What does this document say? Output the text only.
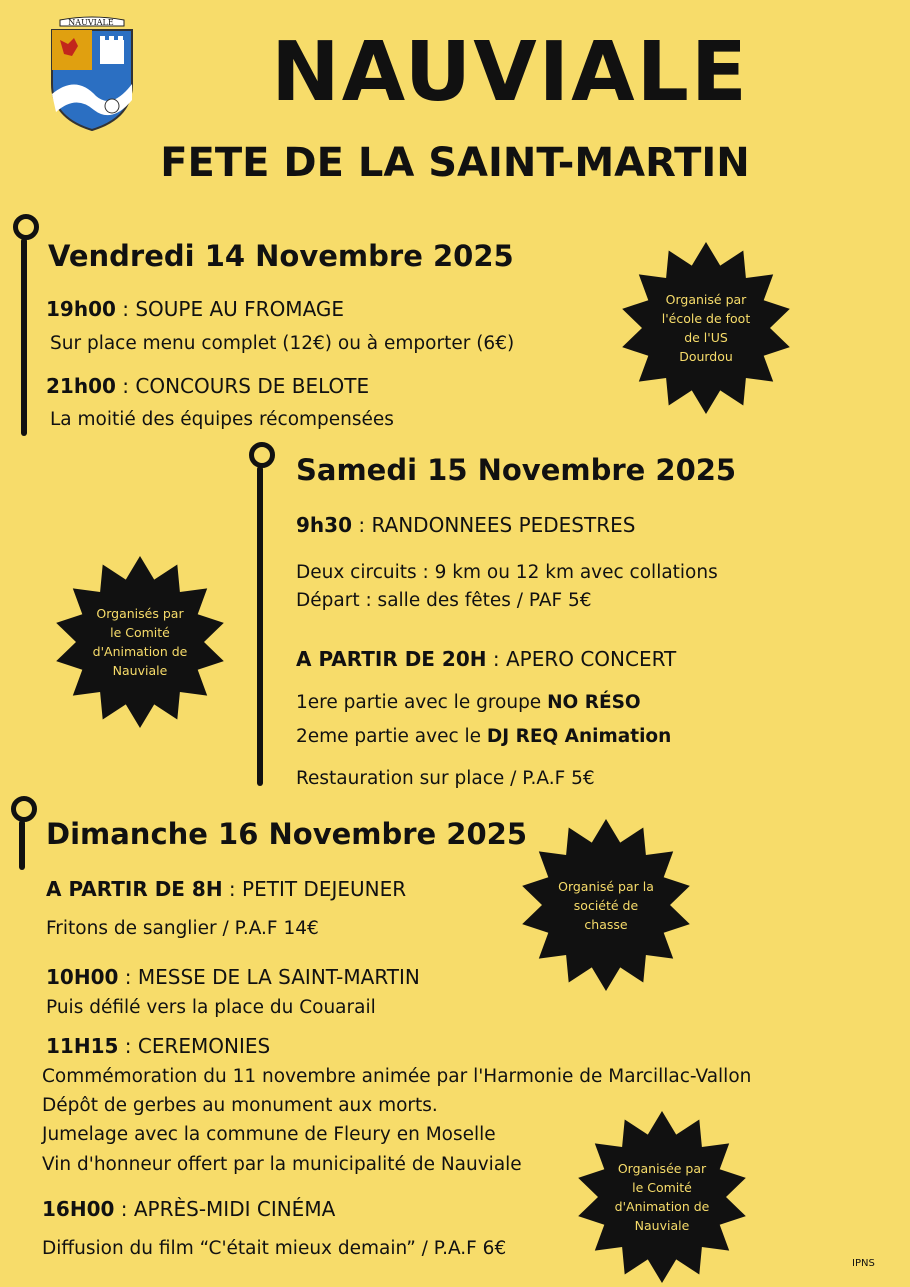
NAUVIALE
NAUVIALE
FETE DE LA SAINT-MARTIN
Vendredi 14 Novembre 2025
19h00 : SOUPE AU FROMAGE
Sur place menu complet (12€) ou à emporter (6€)
21h00 : CONCOURS DE BELOTE
La moitié des équipes récompensées
Organisé par l'école de foot de l'US Dourdou
Samedi 15 Novembre 2025
9h30 : RANDONNEES PEDESTRES
Deux circuits : 9 km ou 12 km avec collations
Départ : salle des fêtes / PAF 5€
A PARTIR DE 20H : APERO CONCERT
1ere partie avec le groupe NO RÉSO
2eme partie avec le DJ REQ Animation
Restauration sur place / P.A.F 5€
Organisés par le Comité d'Animation de Nauviale
Dimanche 16 Novembre 2025
A PARTIR DE 8H : PETIT DEJEUNER
Fritons de sanglier / P.A.F 14€
10H00 : MESSE DE LA SAINT-MARTIN
Puis défilé vers la place du Couarail
11H15 : CEREMONIES
Commémoration du 11 novembre animée par l'Harmonie de Marcillac-Vallon
Dépôt de gerbes au monument aux morts.
Jumelage avec la commune de Fleury en Moselle
Vin d'honneur offert par la municipalité de Nauviale
16H00 : APRÈS-MIDI CINÉMA
Diffusion du film “C'était mieux demain” / P.A.F 6€
Organisé par la société de chasse
Organisée par le Comité d'Animation de Nauviale
IPNS
